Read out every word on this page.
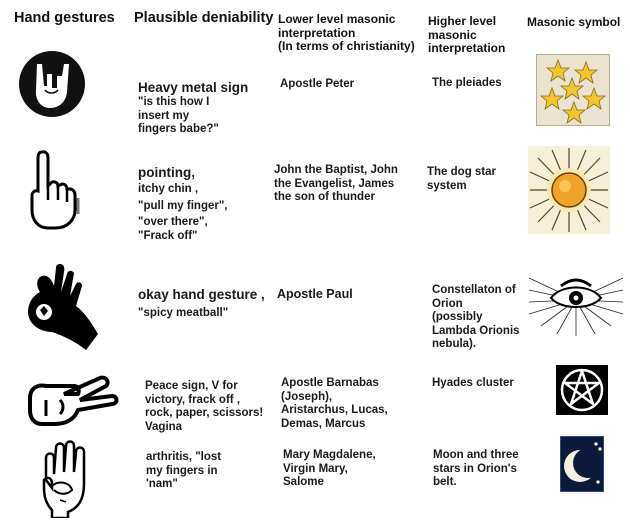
Hand gestures Plausible deniability Lower level masonic
interpretation
(In terms of christianity)
Higher level
masonic
interpretation
Masonic symbol
Heavy metal sign
"is this how I
insert my
fingers babe?"
Apostle Peter	The pleiades
pointing,
itchy chin ,
"pull my finger",
"over there",
"Frack off"
John the Baptist, John
the Evangelist, James
the son of thunder
The dog star
system
okay hand gesture ,
"spicy meatball"
Apostle Paul	Constellaton of
Orion
(possibly
Lambda Orionis
nebula).
Peace sign, V for
victory, frack off ,
rock, paper, scissors!
Vagina
Apostle Barnabas
(Joseph),
Aristarchus, Lucas,
Demas, Marcus
Hyades cluster
arthritis, "lost
my fingers in
'nam"
Mary Magdalene,
Virgin Mary,
Salome
Moon and three
stars in Orion's
belt.
